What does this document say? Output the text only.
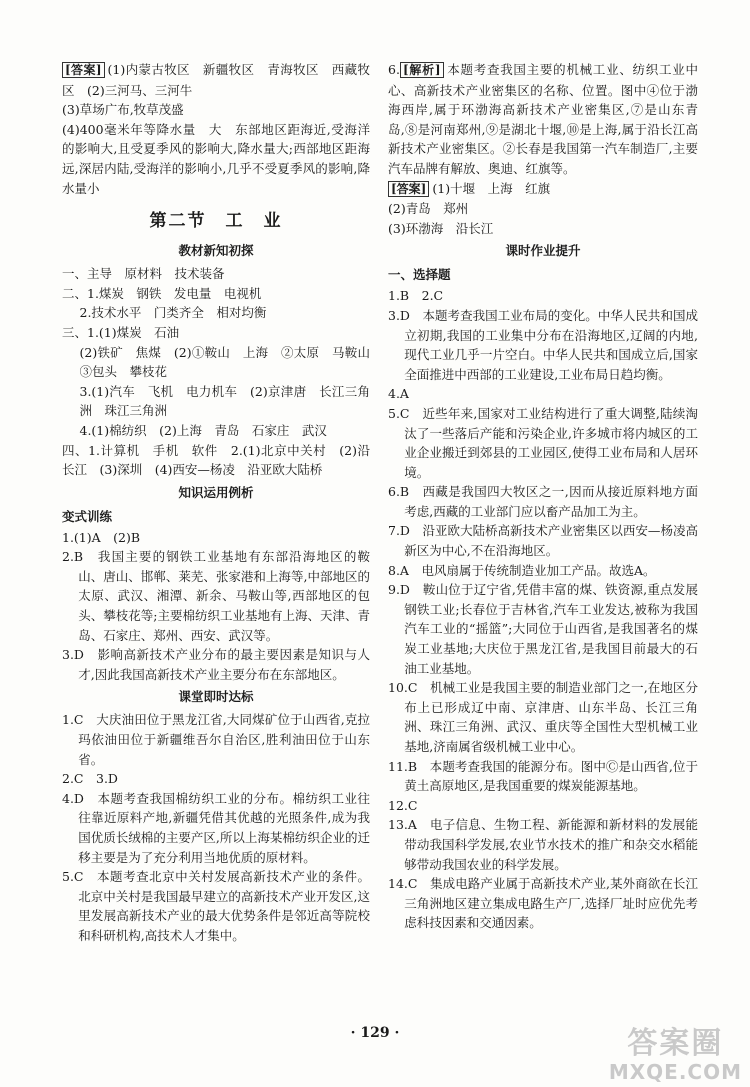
[答案] (1)内蒙古牧区　新疆牧区　青海牧区　西藏牧区　(2)三河马、三河牛

(3)草场广布,牧草茂盛

(4)400毫米年等降水量　大　东部地区距海近,受海洋的影响大,且受夏季风的影响大,降水量大;西部地区距海远,深居内陆,受海洋的影响小,几乎不受夏季风的影响,降水量小

第二节　工　业
教材新知初探

一、主导　原材料　技术装备

二、1.煤炭　钢铁　发电量　电视机

2.技术水平　门类齐全　相对均衡

三、1.(1)煤炭　石油

(2)铁矿　焦煤　(2)①鞍山　上海　②太原　马鞍山　③包头　攀枝花

3.(1)汽车　飞机　电力机车　(2)京津唐　长江三角洲　珠江三角洲

4.(1)棉纺织　(2)上海　青岛　石家庄　武汉

四、1.计算机　手机　软件　2.(1)北京中关村　(2)沿长江　(3)深圳　(4)西安—杨凌　沿亚欧大陆桥

知识运用例析
变式训练

1.(1)A　(2)B

2.B　我国主要的钢铁工业基地有东部沿海地区的鞍山、唐山、邯郸、莱芜、张家港和上海等,中部地区的太原、武汉、湘潭、新余、马鞍山等,西部地区的包头、攀枝花等;主要棉纺织工业基地有上海、天津、青岛、石家庄、郑州、西安、武汉等。

3.D　影响高新技术产业分布的最主要因素是知识与人才,因此我国高新技术产业主要分布在东部地区。

课堂即时达标

1.C　大庆油田位于黑龙江省,大同煤矿位于山西省,克拉玛依油田位于新疆维吾尔自治区,胜利油田位于山东省。

2.C　3.D

4.D　本题考查我国棉纺织工业的分布。棉纺织工业往往靠近原料产地,新疆凭借其优越的光照条件,成为我国优质长绒棉的主要产区,所以上海某棉纺织企业的迁移主要是为了充分利用当地优质的原材料。

5.C　本题考查北京中关村发展高新技术产业的条件。北京中关村是我国最早建立的高新技术产业开发区,这里发展高新技术产业的最大优势条件是邻近高等院校和科研机构,高技术人才集中。

6. [解析] 本题考查我国主要的机械工业、纺织工业中心、高新技术产业密集区的名称、位置。图中④位于渤海西岸,属于环渤海高新技术产业密集区,⑦是山东青岛,⑧是河南郑州,⑨是湖北十堰,⑩是上海,属于沿长江高新技术产业密集区。②长春是我国第一汽车制造厂,主要汽车品牌有解放、奥迪、红旗等。

[答案] (1)十堰　上海　红旗

(2)青岛　郑州

(3)环渤海　沿长江

课时作业提升
一、选择题

1.B　2.C

3.D　本题考查我国工业布局的变化。中华人民共和国成立初期,我国的工业集中分布在沿海地区,辽阔的内地,现代工业几乎一片空白。中华人民共和国成立后,国家全面推进中西部的工业建设,工业布局日趋均衡。

4.A

5.C　近些年来,国家对工业结构进行了重大调整,陆续淘汰了一些落后产能和污染企业,许多城市将内城区的工业企业搬迁到郊县的工业园区,使得工业布局和人居环境。

6.B　西藏是我国四大牧区之一,因而从接近原料地方面考虑,西藏的工业部门应以畜产品加工为主。

7.D　沿亚欧大陆桥高新技术产业密集区以西安—杨凌高新区为中心,不在沿海地区。

8.A　电风扇属于传统制造业加工产品。故选A。

9.D　鞍山位于辽宁省,凭借丰富的煤、铁资源,重点发展钢铁工业;长春位于吉林省,汽车工业发达,被称为我国汽车工业的“摇篮”;大同位于山西省,是我国著名的煤炭工业基地;大庆位于黑龙江省,是我国目前最大的石油工业基地。

10.C　机械工业是我国主要的制造业部门之一,在地区分布上已形成辽中南、京津唐、山东半岛、长江三角洲、珠江三角洲、武汉、重庆等全国性大型机械工业基地,济南属省级机械工业中心。

11.B　本题考查我国的能源分布。图中Ⓒ是山西省,位于黄土高原地区,是我国重要的煤炭能源基地。

12.C

13.A　电子信息、生物工程、新能源和新材料的发展能带动我国科学发展,农业节水技术的推广和杂交水稻能够带动我国农业的科学发展。

14.C　集成电路产业属于高新技术产业,某外商欲在长江三角洲地区建立集成电路生产厂,选择厂址时应优先考虑科技因素和交通因素。

· 129 ·	答案圈
MXQE.COM
